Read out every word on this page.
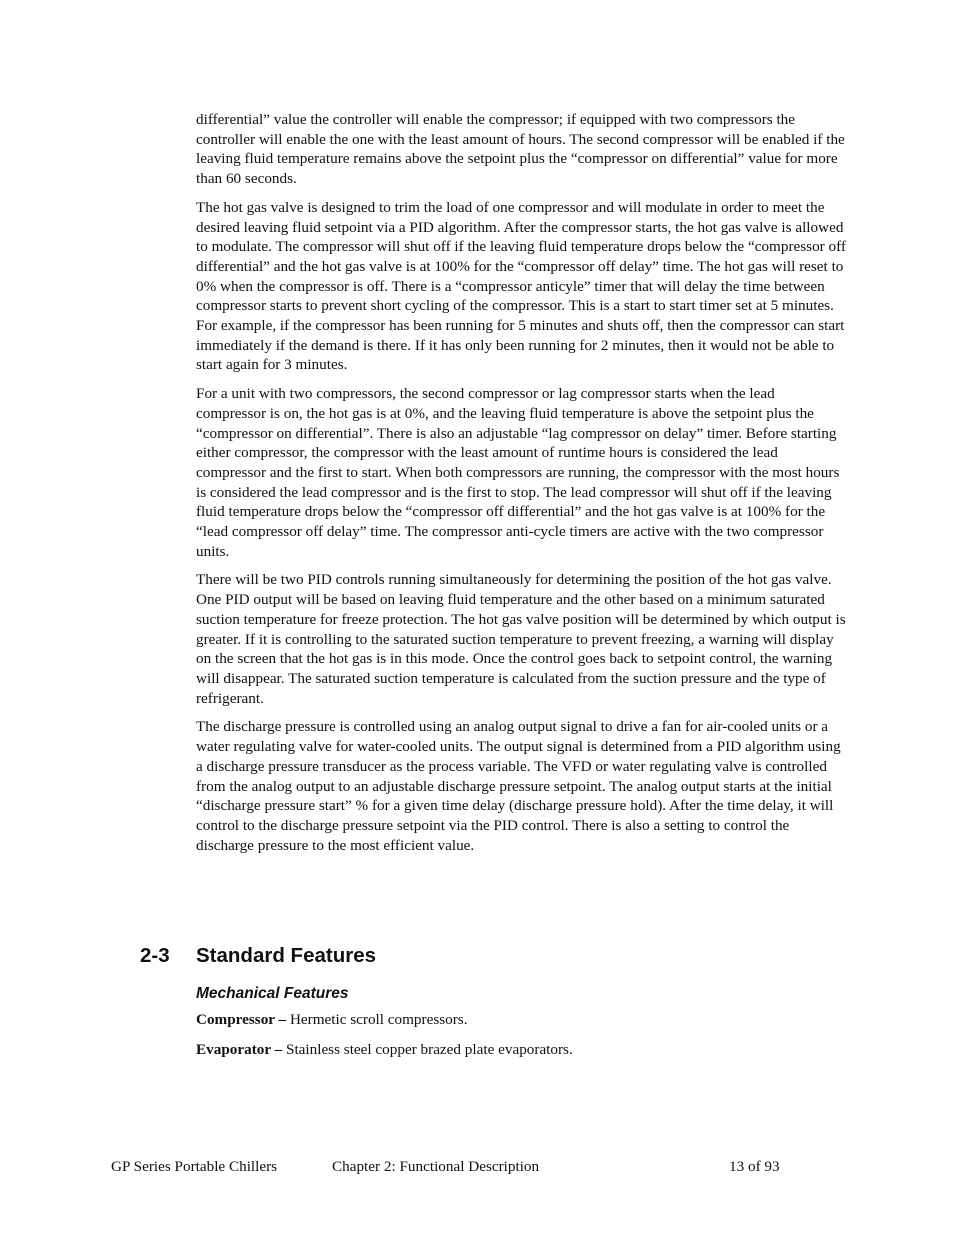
differential” value the controller will enable the compressor; if equipped with two compressors the controller will enable the one with the least amount of hours. The second compressor will be enabled if the leaving fluid temperature remains above the setpoint plus the “compressor on differential” value for more than 60 seconds.

The hot gas valve is designed to trim the load of one compressor and will modulate in order to meet the desired leaving fluid setpoint via a PID algorithm. After the compressor starts, the hot gas valve is allowed to modulate. The compressor will shut off if the leaving fluid temperature drops below the “compressor off differential” and the hot gas valve is at 100% for the “compressor off delay” time. The hot gas will reset to 0% when the compressor is off. There is a “compressor anticyle” timer that will delay the time between compressor starts to prevent short cycling of the compressor. This is a start to start timer set at 5 minutes. For example, if the compressor has been running for 5 minutes and shuts off, then the compressor can start immediately if the demand is there. If it has only been running for 2 minutes, then it would not be able to start again for 3 minutes.

For a unit with two compressors, the second compressor or lag compressor starts when the lead compressor is on, the hot gas is at 0%, and the leaving fluid temperature is above the setpoint plus the “compressor on differential”. There is also an adjustable “lag compressor on delay” timer. Before starting either compressor, the compressor with the least amount of runtime hours is considered the lead compressor and the first to start. When both compressors are running, the compressor with the most hours is considered the lead compressor and is the first to stop. The lead compressor will shut off if the leaving fluid temperature drops below the “compressor off differential” and the hot gas valve is at 100% for the “lead compressor off delay” time. The compressor anti-cycle timers are active with the two compressor units.

There will be two PID controls running simultaneously for determining the position of the hot gas valve. One PID output will be based on leaving fluid temperature and the other based on a minimum saturated suction temperature for freeze protection. The hot gas valve position will be determined by which output is greater. If it is controlling to the saturated suction temperature to prevent freezing, a warning will display on the screen that the hot gas is in this mode. Once the control goes back to setpoint control, the warning will disappear. The saturated suction temperature is calculated from the suction pressure and the type of refrigerant.

The discharge pressure is controlled using an analog output signal to drive a fan for air-cooled units or a water regulating valve for water-cooled units. The output signal is determined from a PID algorithm using a discharge pressure transducer as the process variable. The VFD or water regulating valve is controlled from the analog output to an adjustable discharge pressure setpoint. The analog output starts at the initial “discharge pressure start” % for a given time delay (discharge pressure hold). After the time delay, it will control to the discharge pressure setpoint via the PID control. There is also a setting to control the discharge pressure to the most efficient value.

2-3 Standard Features
Mechanical Features

Compressor – Hermetic scroll compressors.

Evaporator – Stainless steel copper brazed plate evaporators.

GP Series Portable Chillers	Chapter 2: Functional Description	13 of 93
